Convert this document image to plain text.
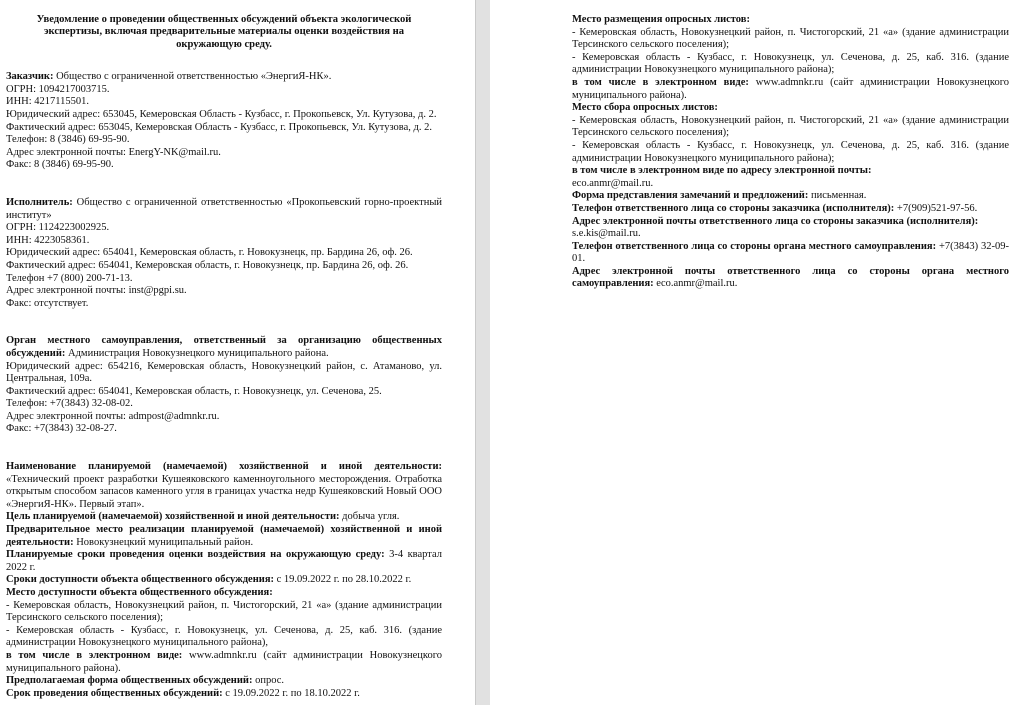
Уведомление о проведении общественных обсуждений объекта экологической экспертизы, включая предварительные материалы оценки воздействия на окружающую среду.

Заказчик: Общество с ограниченной ответственностью «ЭнергиЯ-НК».

ОГРН: 1094217003715.

ИНН: 4217115501.

Юридический адрес: 653045, Кемеровская Область - Кузбасс, г. Прокопьевск, Ул. Кутузова, д. 2.

Фактический адрес: 653045, Кемеровская Область - Кузбасс, г. Прокопьевск, Ул. Кутузова, д. 2.

Телефон: 8 (3846) 69-95-90.

Адрес электронной почты: EnergY-NK@mail.ru.

Факс: 8 (3846) 69-95-90.

Исполнитель: Общество с ограниченной ответственностью «Прокопьевский горно-проектный институт»

ОГРН: 1124223002925.

ИНН: 4223058361.

Юридический адрес: 654041, Кемеровская область, г. Новокузнецк, пр. Бардина 26, оф. 26.

Фактический адрес: 654041, Кемеровская область, г. Новокузнецк, пр. Бардина 26, оф. 26.

Телефон +7 (800) 200-71-13.

Адрес электронной почты: inst@pgpi.su.

Факс: отсутствует.

Орган местного самоуправления, ответственный за организацию общественных обсуждений: Администрация Новокузнецкого муниципального района.

Юридический адрес: 654216, Кемеровская область, Новокузнецкий район, с. Атаманово, ул. Центральная, 109а.

Фактический адрес: 654041, Кемеровская область, г. Новокузнецк, ул. Сеченова, 25.

Телефон: +7(3843) 32-08-02.

Адрес электронной почты: admpost@admnkr.ru.

Факс: +7(3843) 32-08-27.

Наименование планируемой (намечаемой) хозяйственной и иной деятельности: «Технический проект разработки Кушеяковского каменноугольного месторождения. Отработка открытым способом запасов каменного угля в границах участка недр Кушеяковский Новый ООО «ЭнергиЯ-НК». Первый этап».

Цель планируемой (намечаемой) хозяйственной и иной деятельности: добыча угля.

Предварительное место реализации планируемой (намечаемой) хозяйственной и иной деятельности: Новокузнецкий муниципальный район.

Планируемые сроки проведения оценки воздействия на окружающую среду: 3-4 квартал 2022 г.

Сроки доступности объекта общественного обсуждения: с 19.09.2022 г. по 28.10.2022 г.

Место доступности объекта общественного обсуждения:

- Кемеровская область, Новокузнецкий район, п. Чистогорский, 21 «а» (здание администрации Терсинского сельского поселения);

- Кемеровская область - Кузбасс, г. Новокузнецк, ул. Сеченова, д. 25, каб. 316. (здание администрации Новокузнецкого муниципального района),

в том числе в электронном виде: www.admnkr.ru (сайт администрации Новокузнецкого муниципального района).

Предполагаемая форма общественных обсуждений: опрос.

Срок проведения общественных обсуждений: с 19.09.2022 г. по 18.10.2022 г.

Место размещения опросных листов:

- Кемеровская область, Новокузнецкий район, п. Чистогорский, 21 «а» (здание администрации Терсинского сельского поселения);

- Кемеровская область - Кузбасс, г. Новокузнецк, ул. Сеченова, д. 25, каб. 316. (здание администрации Новокузнецкого муниципального района);

в том числе в электронном виде: www.admnkr.ru (сайт администрации Новокузнецкого муниципального района).

Место сбора опросных листов:

- Кемеровская область, Новокузнецкий район, п. Чистогорский, 21 «а» (здание администрации Терсинского сельского поселения);

- Кемеровская область - Кузбасс, г. Новокузнецк, ул. Сеченова, д. 25, каб. 316. (здание администрации Новокузнецкого муниципального района);

в том числе в электронном виде по адресу электронной почты:

eco.anmr@mail.ru.

Форма представления замечаний и предложений: письменная.

Телефон ответственного лица со стороны заказчика (исполнителя): +7(909)521-97-56.

Адрес электронной почты ответственного лица со стороны заказчика (исполнителя):

s.e.kis@mail.ru.

Телефон ответственного лица со стороны органа местного самоуправления: +7(3843) 32-09-01.

Адрес электронной почты ответственного лица со стороны органа местного самоуправления: eco.anmr@mail.ru.
